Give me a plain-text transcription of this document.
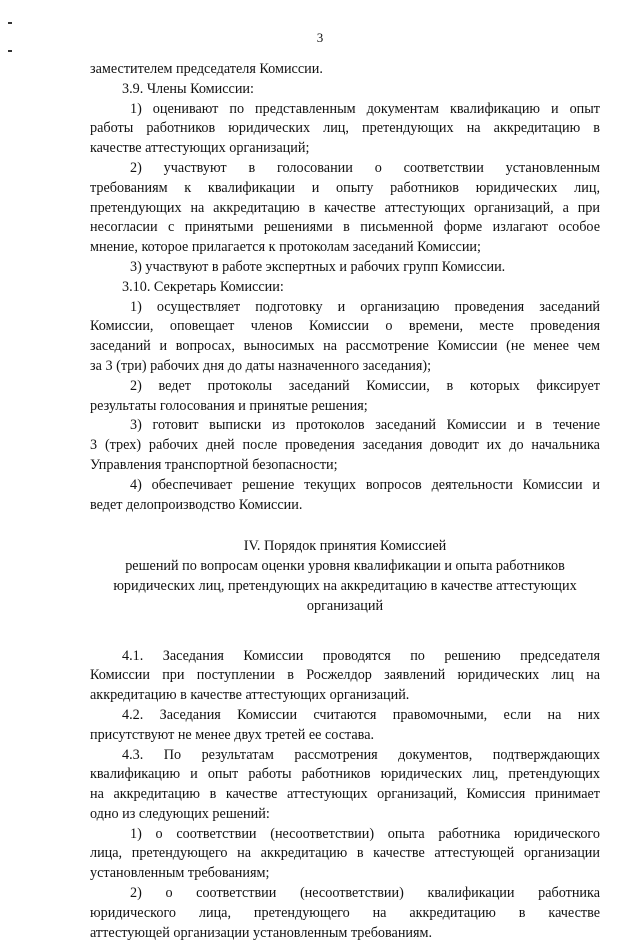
3
заместителем председателя Комиссии.
3.9. Члены Комиссии:
1) оценивают по представленным документам квалификацию и опыт
работы работников юридических лиц, претендующих на аккредитацию в
качестве аттестующих организаций;
2) участвуют в голосовании о соответствии установленным
требованиям к квалификации и опыту работников юридических лиц,
претендующих на аккредитацию в качестве аттестующих организаций, а при
несогласии с принятыми решениями в письменной форме излагают особое
мнение, которое прилагается к протоколам заседаний Комиссии;
3) участвуют в работе экспертных и рабочих групп Комиссии.
3.10. Секретарь Комиссии:
1) осуществляет подготовку и организацию проведения заседаний
Комиссии, оповещает членов Комиссии о времени, месте проведения
заседаний и вопросах, выносимых на рассмотрение Комиссии (не менее чем
за 3 (три) рабочих дня до даты назначенного заседания);
2) ведет протоколы заседаний Комиссии, в которых фиксирует
результаты голосования и принятые решения;
3) готовит выписки из протоколов заседаний Комиссии и в течение
3 (трех) рабочих дней после проведения заседания доводит их до начальника
Управления транспортной безопасности;
4) обеспечивает решение текущих вопросов деятельности Комиссии и
ведет делопроизводство Комиссии.
IV. Порядок принятия Комиссией
решений по вопросам оценки уровня квалификации и опыта работников
юридических лиц, претендующих на аккредитацию в качестве аттестующих
организаций
4.1. Заседания Комиссии проводятся по решению председателя
Комиссии при поступлении в Росжелдор заявлений юридических лиц на
аккредитацию в качестве аттестующих организаций.
4.2. Заседания Комиссии считаются правомочными, если на них
присутствуют не менее двух третей ее состава.
4.3. По результатам рассмотрения документов, подтверждающих
квалификацию и опыт работы работников юридических лиц, претендующих
на аккредитацию в качестве аттестующих организаций, Комиссия принимает
одно из следующих решений:
1) о соответствии (несоответствии) опыта работника юридического
лица, претендующего на аккредитацию в качестве аттестующей организации
установленным требованиям;
2) о соответствии (несоответствии) квалификации работника
юридического лица, претендующего на аккредитацию в качестве
аттестующей организации установленным требованиям.
